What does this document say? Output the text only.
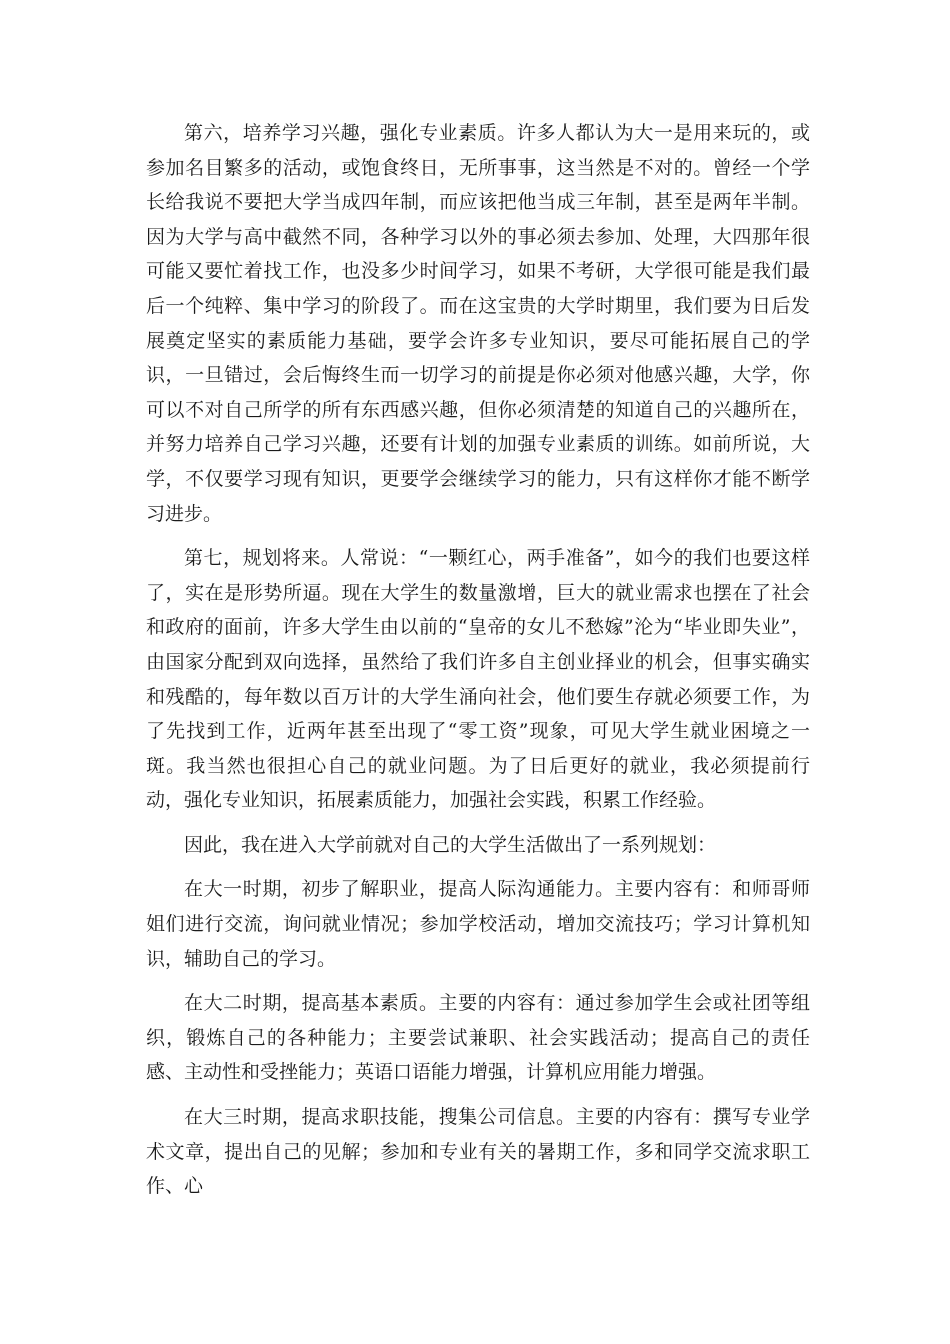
第六，培养学习兴趣，强化专业素质。许多人都认为大一是用来玩的，或参加名目繁多的活动，或饱食终日，无所事事，这当然是不对的。曾经一个学长给我说不要把大学当成四年制，而应该把他当成三年制，甚至是两年半制。因为大学与高中截然不同，各种学习以外的事必须去参加、处理，大四那年很可能又要忙着找工作，也没多少时间学习，如果不考研，大学很可能是我们最后一个纯粹、集中学习的阶段了。而在这宝贵的大学时期里，我们要为日后发展奠定坚实的素质能力基础，要学会许多专业知识，要尽可能拓展自己的学识，一旦错过，会后悔终生而一切学习的前提是你必须对他感兴趣，大学，你可以不对自己所学的所有东西感兴趣，但你必须清楚的知道自己的兴趣所在，并努力培养自己学习兴趣，还要有计划的加强专业素质的训练。如前所说，大学，不仅要学习现有知识，更要学会继续学习的能力，只有这样你才能不断学习进步。

第七，规划将来。人常说：“一颗红心，两手准备”，如今的我们也要这样了，实在是形势所逼。现在大学生的数量激增，巨大的就业需求也摆在了社会和政府的面前，许多大学生由以前的“皇帝的女儿不愁嫁”沦为“毕业即失业”，由国家分配到双向选择，虽然给了我们许多自主创业择业的机会，但事实确实和残酷的，每年数以百万计的大学生涌向社会，他们要生存就必须要工作，为了先找到工作，近两年甚至出现了“零工资”现象，可见大学生就业困境之一斑。我当然也很担心自己的就业问题。为了日后更好的就业，我必须提前行动，强化专业知识，拓展素质能力，加强社会实践，积累工作经验。

因此，我在进入大学前就对自己的大学生活做出了一系列规划：

在大一时期，初步了解职业，提高人际沟通能力。主要内容有：和师哥师姐们进行交流，询问就业情况；参加学校活动，增加交流技巧；学习计算机知识，辅助自己的学习。

在大二时期，提高基本素质。主要的内容有：通过参加学生会或社团等组织，锻炼自己的各种能力；主要尝试兼职、社会实践活动；提高自己的责任感、主动性和受挫能力；英语口语能力增强，计算机应用能力增强。

在大三时期，提高求职技能，搜集公司信息。主要的内容有：撰写专业学术文章，提出自己的见解；参加和专业有关的暑期工作，多和同学交流求职工作、心
